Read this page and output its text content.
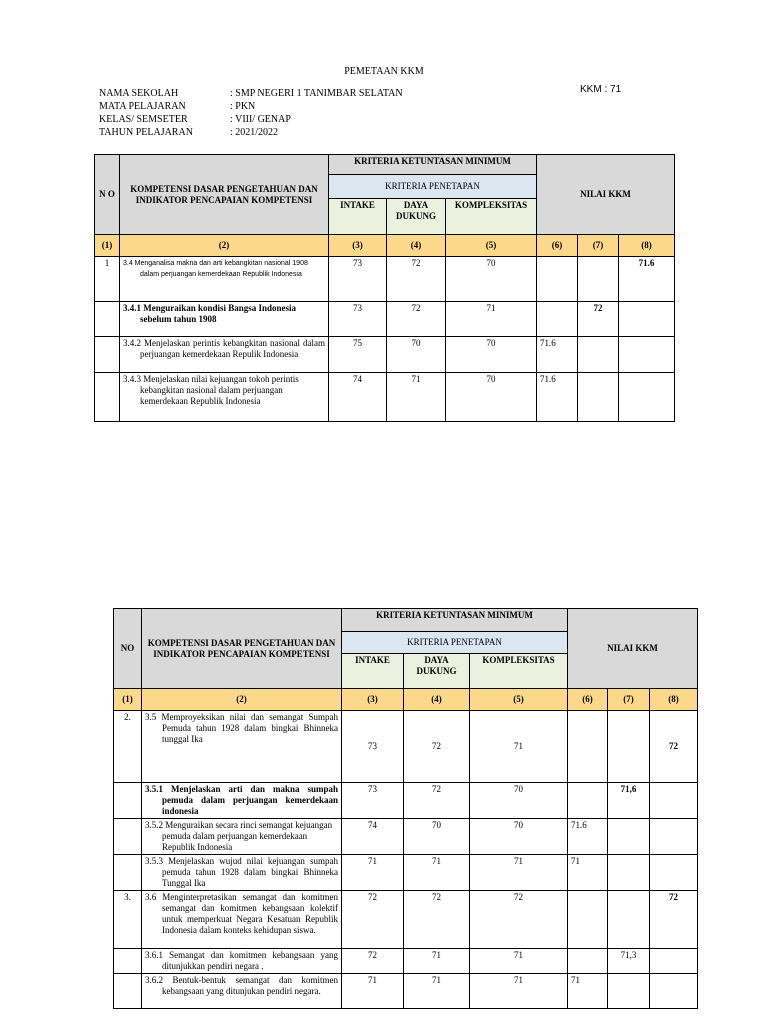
PEMETAAN KKM
KKM : 71
NAMA SEKOLAH	: SMP NEGERI 1 TANIMBAR SELATAN
MATA PELAJARAN	: PKN
KELAS/ SEMSETER	: VIII/ GENAP
TAHUN PELAJARAN	: 2021/2022
N O	KOMPETENSI DASAR PENGETAHUAN DAN INDIKATOR PENCAPAIAN KOMPETENSI	KRITERIA KETUNTASAN MINIMUM			NILAI KKM		
		KRITERIA PENETAPAN					
		INTAKE	DAYA DUKUNG	KOMPLEKSITAS			
(1)	(2)	(3)	(4)	(5)	(6)	(7)	(8)
1	3.4 Menganalisa makna dan arti kebangkitan nasional 1908 dalam perjuangan kemerdekaan Republik Indonesia	73	72	70			71.6
	3.4.1 Menguraikan kondisi Bangsa Indonesia sebelum tahun 1908	73	72	71		72	
	3.4.2 Menjelaskan perintis kebangkitan nasional dalam perjuangan kemerdekaan Repulik Indonesia	75	70	70	71.6		
	3.4.3 Menjelaskan nilai kejuangan tokoh perintis kebangkitan nasional dalam perjuangan kemerdekaan Republik Indonesia	74	71	70	71.6		
NO	KOMPETENSI DASAR PENGETAHUAN DAN INDIKATOR PENCAPAIAN KOMPETENSI	KRITERIA KETUNTASAN MINIMUM			NILAI KKM		
		KRITERIA PENETAPAN					
		INTAKE	DAYA DUKUNG	KOMPLEKSITAS			
(1)	(2)	(3)	(4)	(5)	(6)	(7)	(8)
2.	3.5 Memproyeksikan nilai dan semangat Sumpah Pemuda tahun 1928 dalam bingkai Bhinneka tunggal Ika	73	72	71			72
	3.5.1 Menjelaskan arti dan makna sumpah pemuda dalam perjuangan kemerdekaan indonesia	73	72	70		71,6	
	3.5.2 Menguraikan secara rinci semangat kejuangan pemuda dalam perjuangan kemerdekaan Republik Indonesia	74	70	70	71.6		
	3.5.3 Menjelaskan wujud nilai kejuangan sumpah pemuda tahun 1928 dalam bingkai Bhinneka Tunggal Ika	71	71	71	71		
3.	3.6 Menginterpretasikan semangat dan komitmen semangat dan komitmen kebangsaan kolektif untuk memperkuat Negara Kesatuan Republik Indonesia dalam konteks kehidupan siswa.	72	72	72			72
	3.6.1 Semangat dan komitmen kebangsaan yang ditunjukkan pendiri negara .	72	71	71		71,3	
	3.6.2 Bentuk-bentuk semangat dan komitmen kebangsaan yang ditunjukan pendiri negara.	71	71	71	71		
